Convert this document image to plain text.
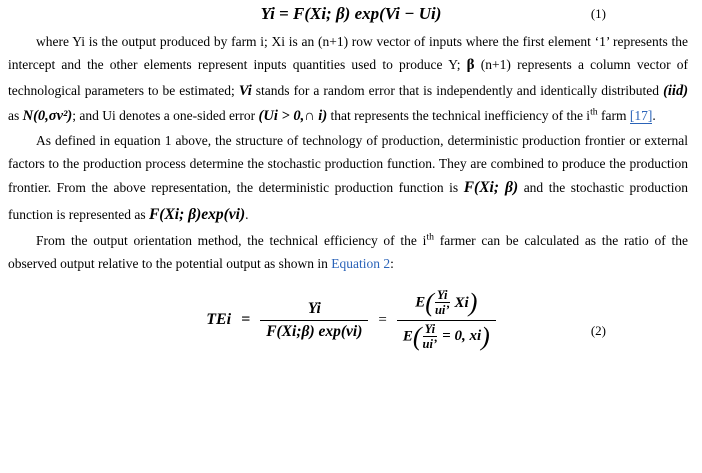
Yi = F(Xi; β) exp(Vi − Ui)	(1)

where Yi is the output produced by farm i; Xi is an (n+1) row vector of inputs where the first element ‘1’ represents the intercept and the other elements represent inputs quantities used to produce Y; β (n+1) represents a column vector of technological parameters to be estimated; Vi stands for a random error that is independently and identically distributed (iid) as N(0,σv²); and Ui denotes a one-sided error (Ui > 0,∩ i) that represents the technical inefficiency of the $i^{th}$ farm [17].

As defined in equation 1 above, the structure of technology of production, deterministic production frontier or external factors to the production process determine the stochastic production function. They are combined to produce the production frontier. From the above representation, the deterministic production function is F(Xi; β) and the stochastic production function is represented as F(Xi; β)exp(vi).

From the output orientation method, the technical efficiency of the $i^{th}$ farmer can be calculated as the ratio of the observed output relative to the potential output as shown in Equation 2:

TEi = $\frac{Yi}{F(Xi;\beta) \exp(vi)} = \frac{E( \frac{Yi}{ui’} Xi)}{E( \frac{Yi}{ui’} = 0, xi)}$	(2)
